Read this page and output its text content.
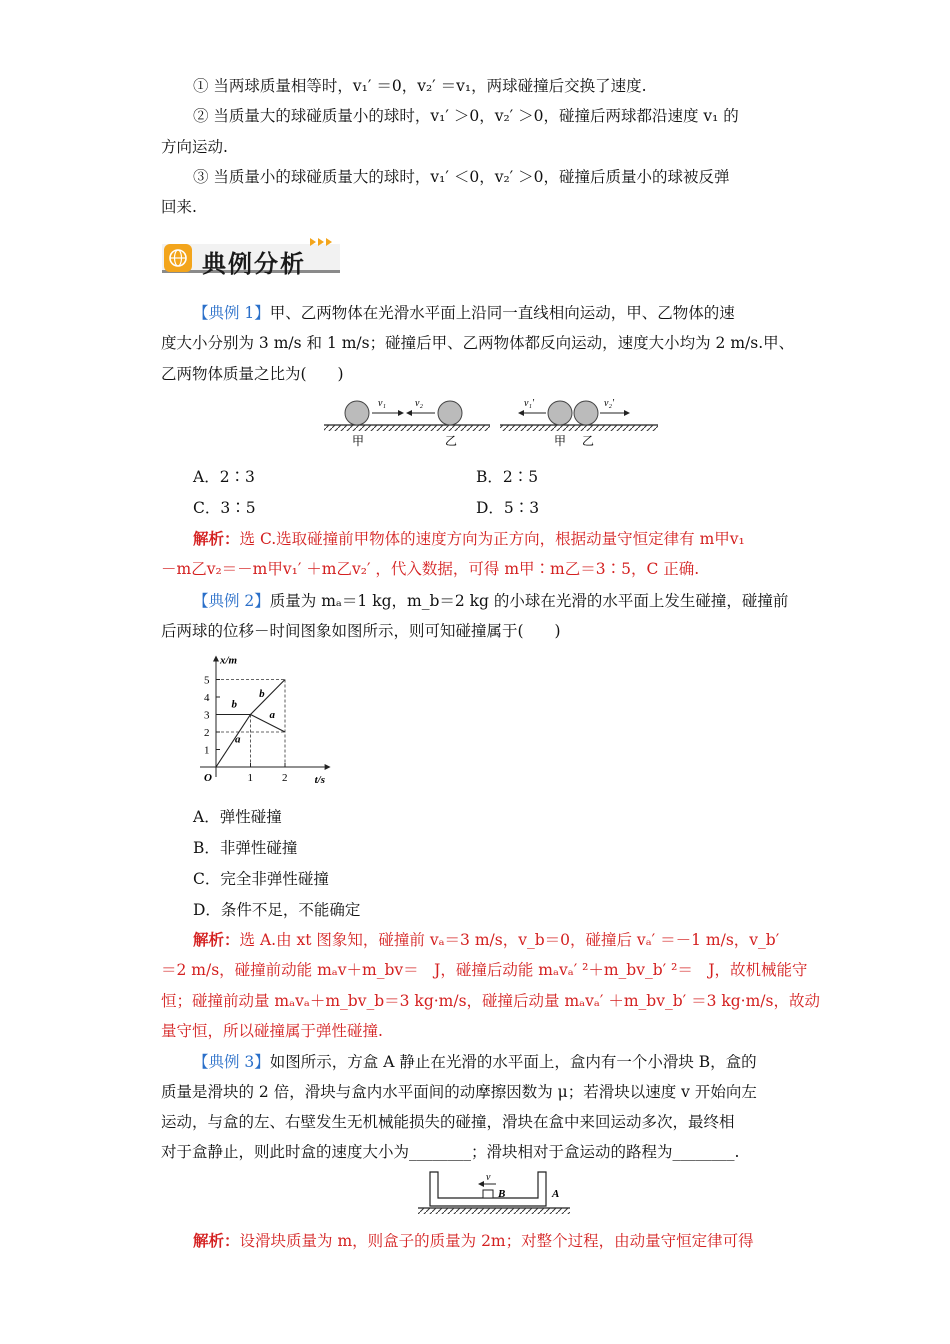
① 当两球质量相等时，v₁′ ＝0，v₂′ ＝v₁，两球碰撞后交换了速度.
② 当质量大的球碰质量小的球时，v₁′ ＞0，v₂′ ＞0，碰撞后两球都沿速度 v₁ 的
方向运动.
③ 当质量小的球碰质量大的球时，v₁′ ＜0，v₂′ ＞0，碰撞后质量小的球被反弹
回来.
典例分析
【典例 1】甲、乙两物体在光滑水平面上沿同一直线相向运动，甲、乙物体的速
度大小分别为 3 m/s 和 1 m/s；碰撞后甲、乙两物体都反向运动，速度大小均为 2 m/s.甲、
乙两物体质量之比为(　　)
v₁	v₂
甲	乙
v₁′	v₂′
甲 乙
A．2∶3	B．2∶5
C．3∶5	D．5∶3
解析：选 C.选取碰撞前甲物体的速度方向为正方向，根据动量守恒定律有 m甲v₁
－m乙v₂＝－m甲v₁′ ＋m乙v₂′ ，代入数据，可得 m甲∶m乙＝3∶5，C 正确.
【典例 2】质量为 mₐ＝1 kg，m_b＝2 kg 的小球在光滑的水平面上发生碰撞，碰撞前
后两球的位移－时间图象如图所示，则可知碰撞属于(　　)
1
2
3
4
5
1	2
a
a
b
b
x/m
t/s
O
A．弹性碰撞
B．非弹性碰撞
C．完全非弹性碰撞
D．条件不足，不能确定
解析：选 A.由 xt 图象知，碰撞前 vₐ＝3 m/s，v_b＝0，碰撞后 vₐ′ ＝－1 m/s，v_b′
＝2 m/s，碰撞前动能 mₐv＋m_bv＝　J，碰撞后动能 mₐvₐ′ ²＋m_bv_b′ ²＝　J，故机械能守
恒；碰撞前动量 mₐvₐ＋m_bv_b＝3 kg·m/s，碰撞后动量 mₐvₐ′ ＋m_bv_b′ ＝3 kg·m/s，故动
量守恒，所以碰撞属于弹性碰撞.
【典例 3】如图所示，方盒 A 静止在光滑的水平面上，盒内有一个小滑块 B，盒的
质量是滑块的 2 倍，滑块与盒内水平面间的动摩擦因数为 μ；若滑块以速度 v 开始向左
运动，与盒的左、右壁发生无机械能损失的碰撞，滑块在盒中来回运动多次，最终相
对于盒静止，则此时盒的速度大小为________；滑块相对于盒运动的路程为________.
v
B	A
解析：设滑块质量为 m，则盒子的质量为 2m；对整个过程，由动量守恒定律可得
